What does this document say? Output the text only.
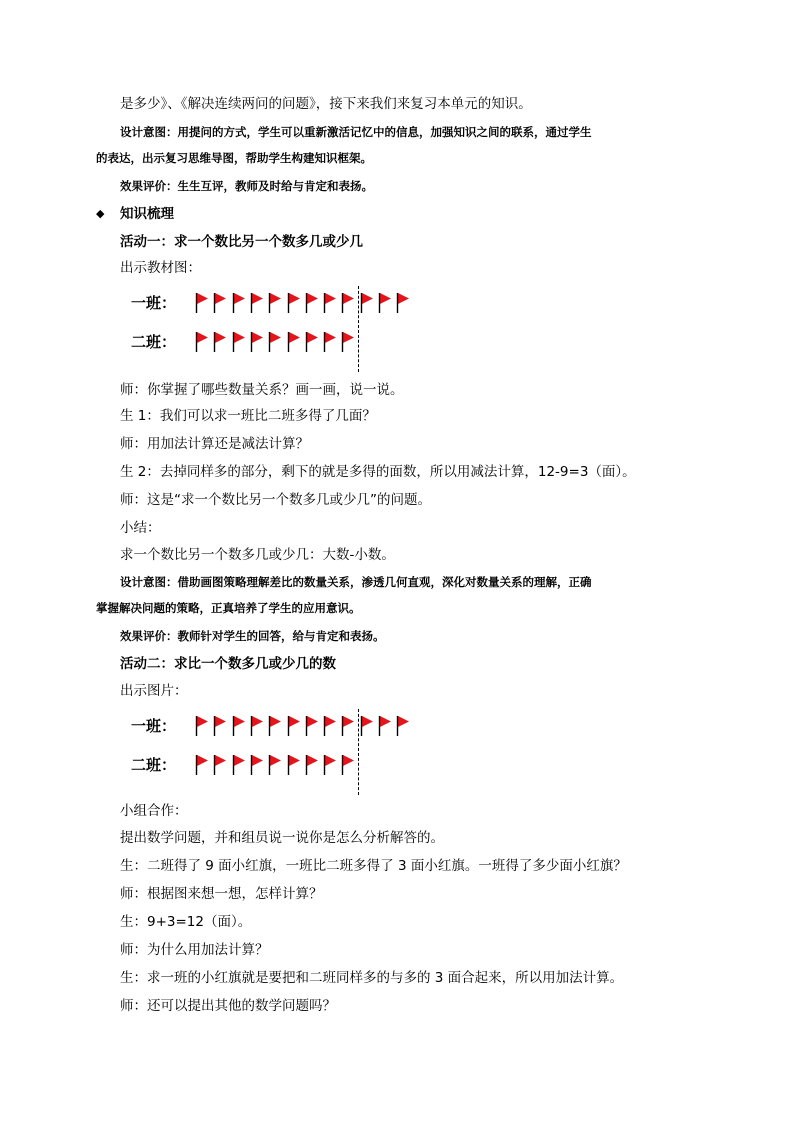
是多少》、《解决连续两问的问题》，接下来我们来复习本单元的知识。
设计意图：用提问的方式，学生可以重新激活记忆中的信息，加强知识之间的联系，通过学生
的表达，出示复习思维导图，帮助学生构建知识框架。
效果评价：生生互评，教师及时给与肯定和表扬。
◆ 知识梳理
活动一：求一个数比另一个数多几或少几
出示教材图：
一班：
二班：
师：你掌握了哪些数量关系？画一画，说一说。
生 1：我们可以求一班比二班多得了几面？
师：用加法计算还是减法计算？
生 2：去掉同样多的部分，剩下的就是多得的面数，所以用减法计算，12-9=3（面）。
师：这是“求一个数比另一个数多几或少几”的问题。
小结：
求一个数比另一个数多几或少几：大数-小数。
设计意图：借助画图策略理解差比的数量关系，渗透几何直观，深化对数量关系的理解，正确
掌握解决问题的策略，正真培养了学生的应用意识。
效果评价：教师针对学生的回答，给与肯定和表扬。
活动二：求比一个数多几或少几的数
出示图片：
一班：
二班：
小组合作：
提出数学问题，并和组员说一说你是怎么分析解答的。
生：二班得了 9 面小红旗，一班比二班多得了 3 面小红旗。一班得了多少面小红旗？
师：根据图来想一想，怎样计算？
生：9+3=12（面）。
师：为什么用加法计算？
生：求一班的小红旗就是要把和二班同样多的与多的 3 面合起来，所以用加法计算。
师：还可以提出其他的数学问题吗？
